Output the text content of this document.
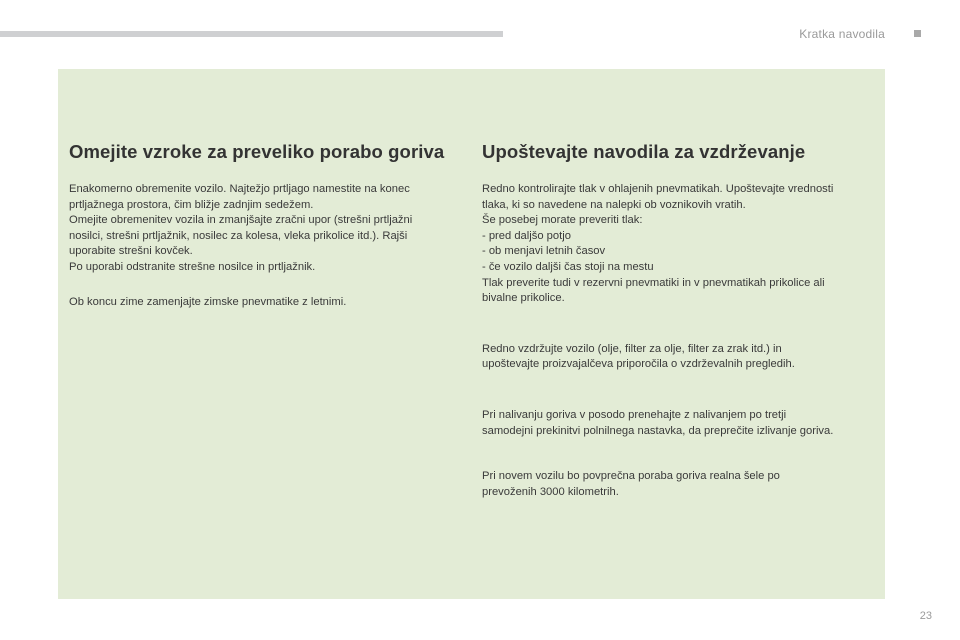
Kratka navodila
Omejite vzroke za preveliko porabo goriva

Enakomerno obremenite vozilo. Najtežjo prtljago namestite na konec
prtljažnega prostora, čim bližje zadnjim sedežem.
Omejite obremenitev vozila in zmanjšajte zračni upor (strešni prtljažni
nosilci, strešni prtljažnik, nosilec za kolesa, vleka prikolice itd.). Rajši
uporabite strešni kovček.
Po uporabi odstranite strešne nosilce in prtljažnik.

Ob koncu zime zamenjajte zimske pnevmatike z letnimi.

Upoštevajte navodila za vzdrževanje

Redno kontrolirajte tlak v ohlajenih pnevmatikah. Upoštevajte vrednosti
tlaka, ki so navedene na nalepki ob voznikovih vratih.
Še posebej morate preveriti tlak:
- pred daljšo potjo
- ob menjavi letnih časov
- če vozilo daljši čas stoji na mestu
Tlak preverite tudi v rezervni pnevmatiki in v pnevmatikah prikolice ali
bivalne prikolice.

Redno vzdržujte vozilo (olje, filter za olje, filter za zrak itd.) in
upoštevajte proizvajalčeva priporočila o vzdrževalnih pregledih.

Pri nalivanju goriva v posodo prenehajte z nalivanjem po tretji
samodejni prekinitvi polnilnega nastavka, da preprečite izlivanje goriva.

Pri novem vozilu bo povprečna poraba goriva realna šele po
prevoženih 3000 kilometrih.

23
